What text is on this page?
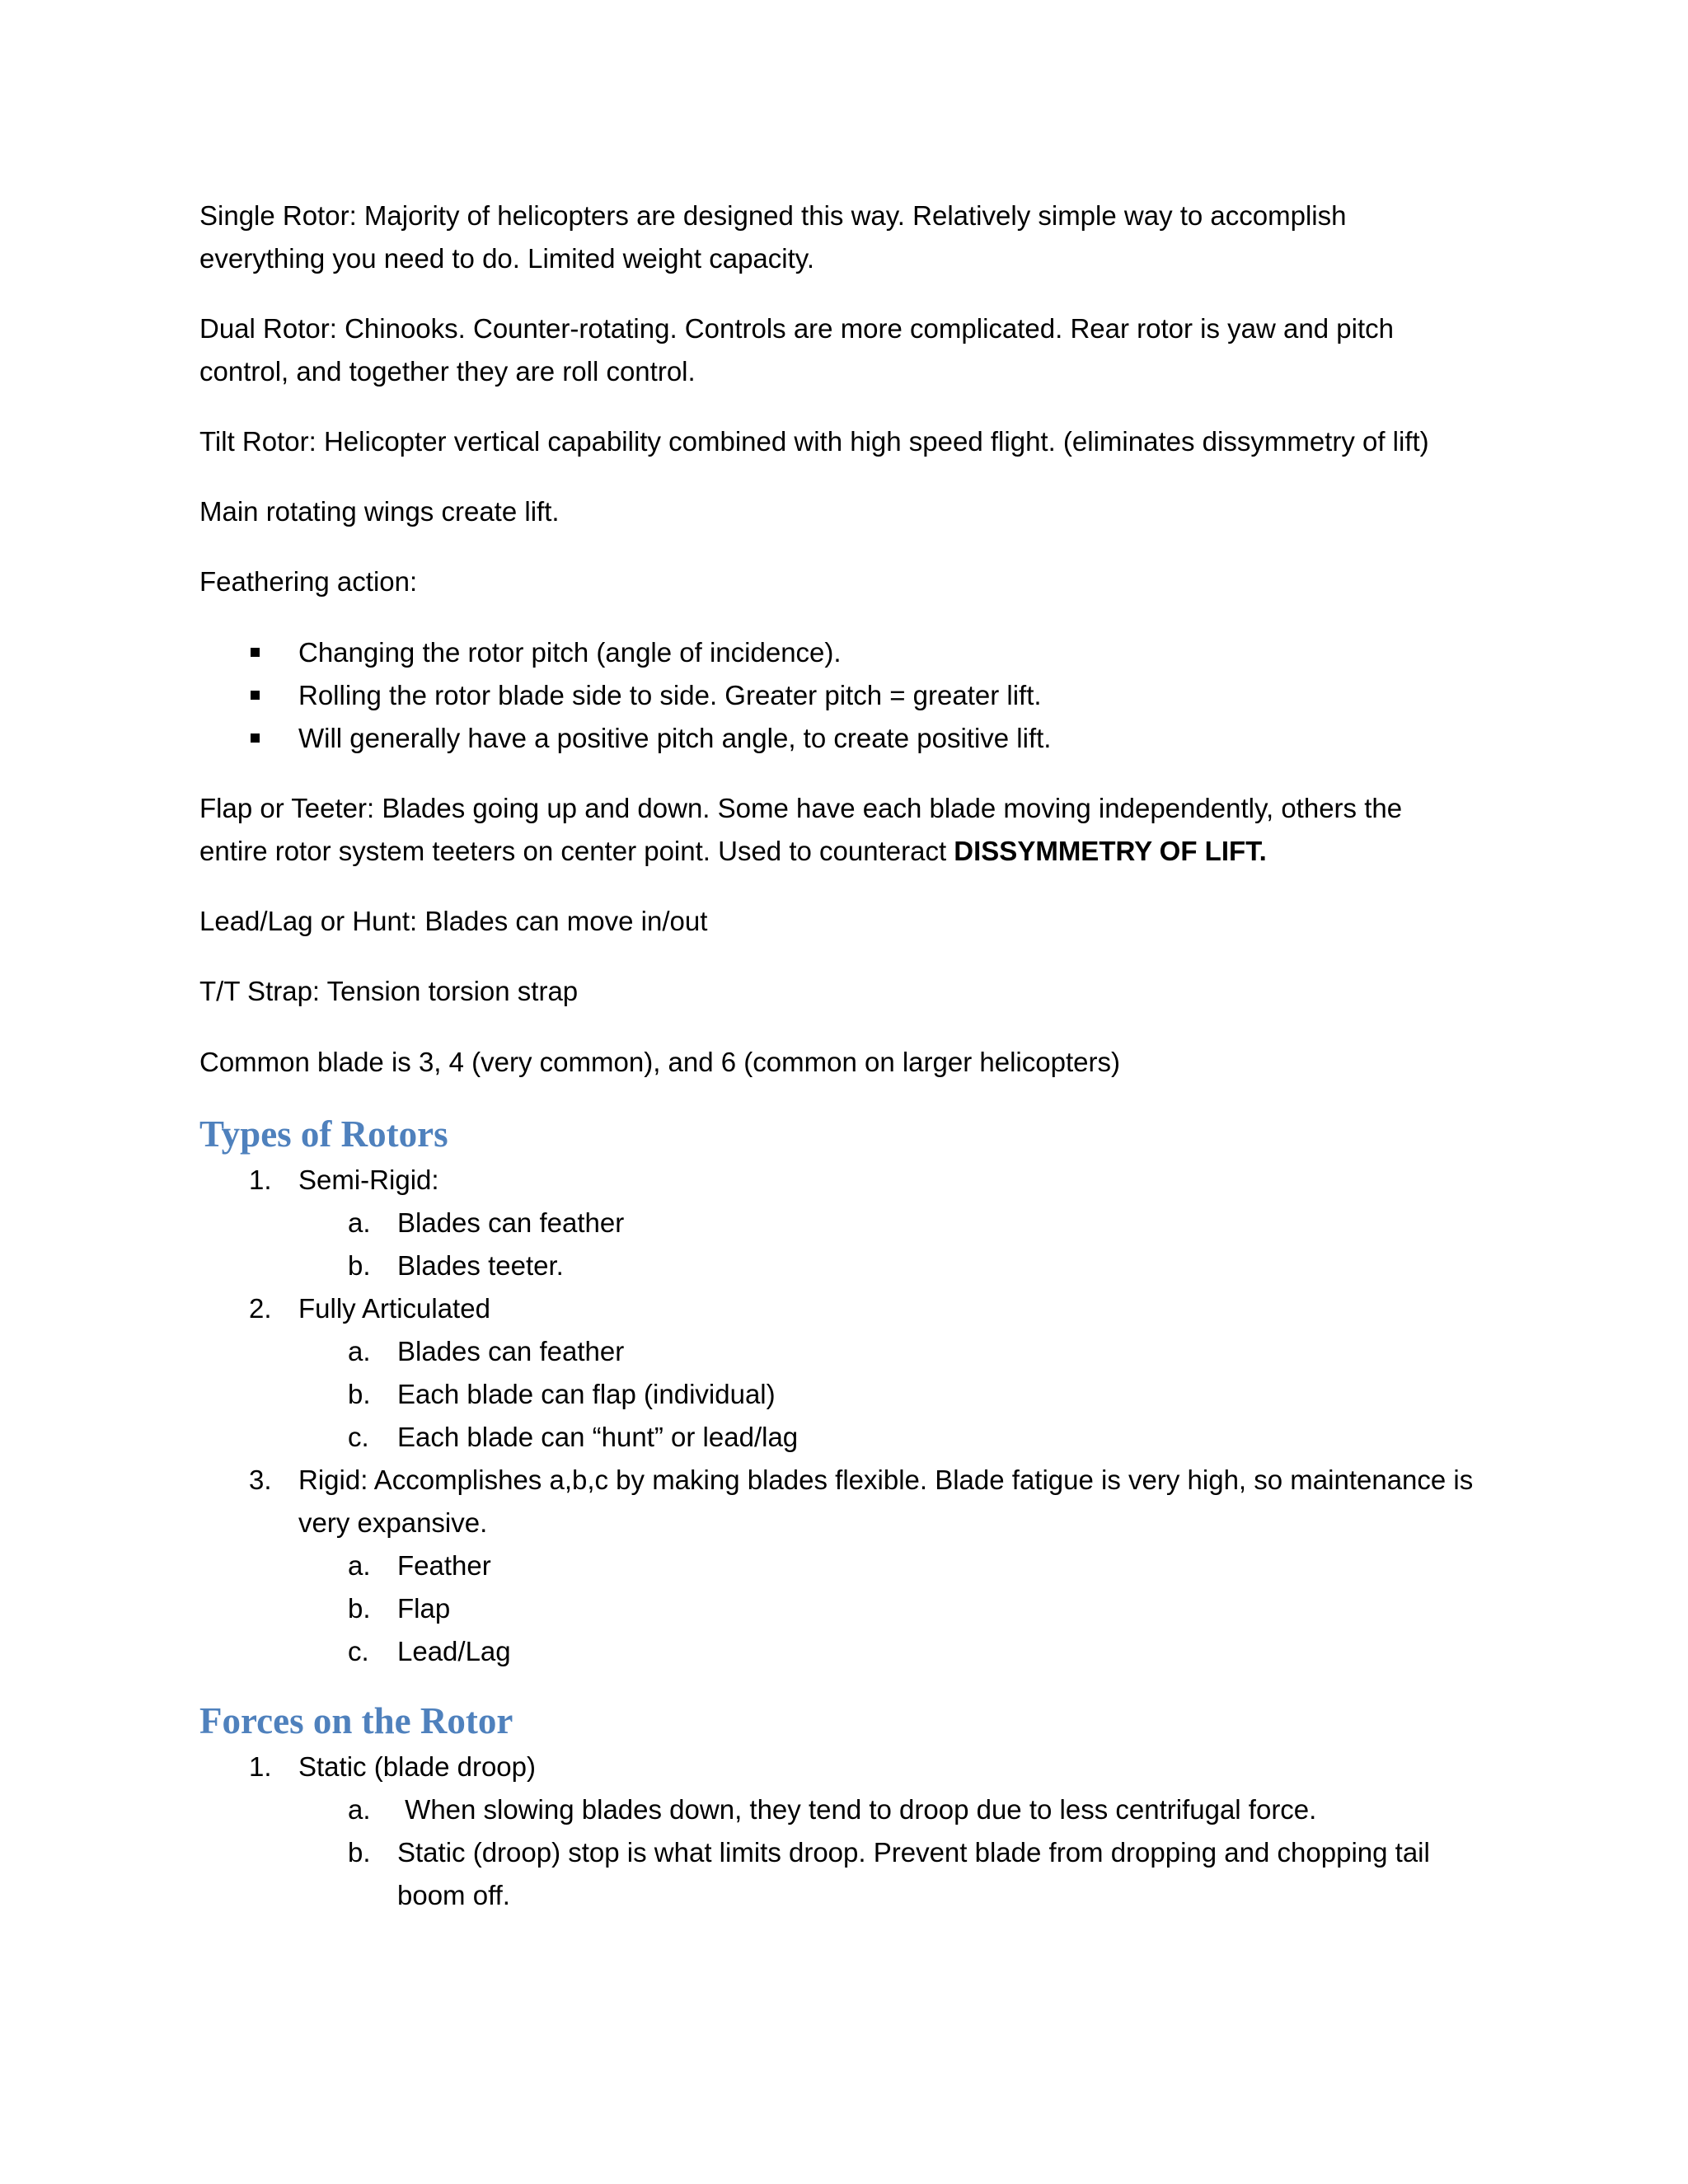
Single Rotor: Majority of helicopters are designed this way. Relatively simple way to accomplish

everything you need to do. Limited weight capacity.

Dual Rotor: Chinooks. Counter-rotating. Controls are more complicated. Rear rotor is yaw and pitch

control, and together they are roll control.

Tilt Rotor: Helicopter vertical capability combined with high speed flight. (eliminates dissymmetry of lift)

Main rotating wings create lift.

Feathering action:

Changing the rotor pitch (angle of incidence).
Rolling the rotor blade side to side. Greater pitch = greater lift.
Will generally have a positive pitch angle, to create positive lift.

Flap or Teeter: Blades going up and down. Some have each blade moving independently, others the

entire rotor system teeters on center point. Used to counteract DISSYMMETRY OF LIFT.

Lead/Lag or Hunt: Blades can move in/out

T/T Strap: Tension torsion strap

Common blade is 3, 4 (very common), and 6 (common on larger helicopters)

Types of Rotors
1. Semi-Rigid:
a. Blades can feather
b. Blades teeter.
2. Fully Articulated
a. Blades can feather
b. Each blade can flap (individual)
c. Each blade can “hunt” or lead/lag
3. Rigid: Accomplishes a,b,c by making blades flexible. Blade fatigue is very high, so maintenance is
very expansive.
a. Feather
b. Flap
c. Lead/Lag
Forces on the Rotor
1. Static (blade droop)
a. When slowing blades down, they tend to droop due to less centrifugal force.
b. Static (droop) stop is what limits droop. Prevent blade from dropping and chopping tail
boom off.
